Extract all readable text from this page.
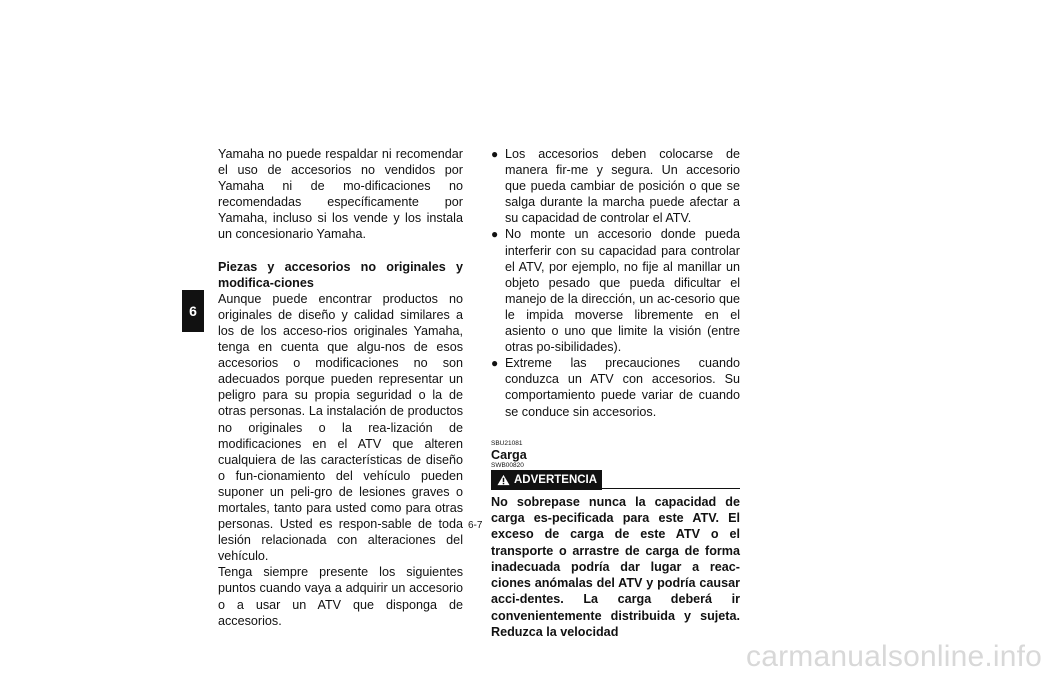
6

Yamaha no puede respaldar ni recomendar el uso de accesorios no vendidos por Yamaha ni de mo-dificaciones no recomendadas específicamente por Yamaha, incluso si los vende y los instala un concesionario Yamaha.

Piezas y accesorios no originales y modifica-ciones

Aunque puede encontrar productos no originales de diseño y calidad similares a los de los acceso-rios originales Yamaha, tenga en cuenta que algu-nos de esos accesorios o modificaciones no son adecuados porque pueden representar un peligro para su propia seguridad o la de otras personas. La instalación de productos no originales o la rea-lización de modificaciones en el ATV que alteren cualquiera de las características de diseño o fun-cionamiento del vehículo pueden suponer un peli-gro de lesiones graves o mortales, tanto para usted como para otras personas. Usted es respon-sable de toda lesión relacionada con alteraciones del vehículo.

Tenga siempre presente los siguientes puntos cuando vaya a adquirir un accesorio o a usar un ATV que disponga de accesorios.

● Los accesorios deben colocarse de manera fir-me y segura. Un accesorio que pueda cambiar de posición o que se salga durante la marcha puede afectar a su capacidad de controlar el ATV.
● No monte un accesorio donde pueda interferir con su capacidad para controlar el ATV, por ejemplo, no fije al manillar un objeto pesado que pueda dificultar el manejo de la dirección, un ac-cesorio que le impida moverse libremente en el asiento o uno que limite la visión (entre otras po-sibilidades).
● Extreme las precauciones cuando conduzca un ATV con accesorios. Su comportamiento puede variar de cuando se conduce sin accesorios.

SBU21081

Carga

SWB00820

ADVERTENCIA

No sobrepase nunca la capacidad de carga es-pecificada para este ATV. El exceso de carga de este ATV o el transporte o arrastre de carga de forma inadecuada podría dar lugar a reac-ciones anómalas del ATV y podría causar acci-dentes. La carga deberá ir convenientemente distribuida y sujeta. Reduzca la velocidad

6-7
carmanualsonline.info
